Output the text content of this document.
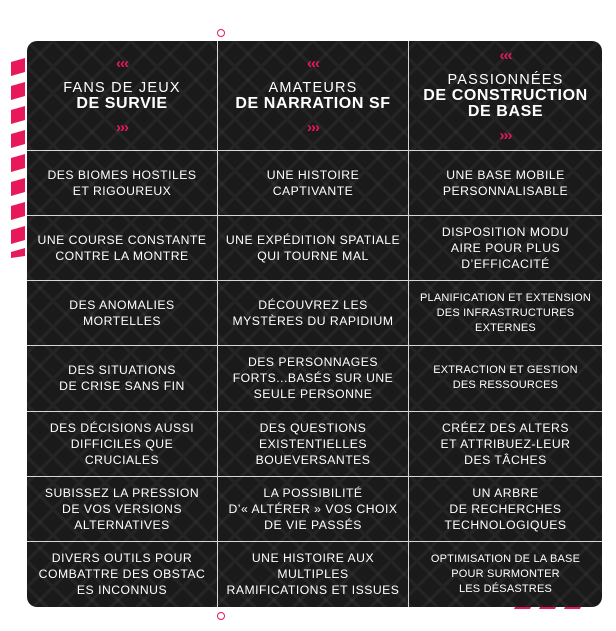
‹‹‹
FANS DE JEUX
DE SURVIE
›››
‹‹‹
AMATEURS
DE NARRATION SF
›››
‹‹‹
PASSIONNÉES
DE CONSTRUCTION
DE BASE
›››
DES BIOMES HOSTILES
ET RIGOUREUX
UNE HISTOIRE
CAPTIVANTE
UNE BASE MOBILE
PERSONNALISABLE
UNE COURSE CONSTANTE
CONTRE LA MONTRE
UNE EXPÉDITION SPATIALE
QUI TOURNE MAL
DISPOSITION MODU
AIRE POUR PLUS
D’EFFICACITÉ
DES ANOMALIES
MORTELLES
DÉCOUVREZ LES
MYSTÈRES DU RAPIDIUM
PLANIFICATION ET EXTENSION
DES INFRASTRUCTURES
EXTERNES
DES SITUATIONS
DE CRISE SANS FIN
DES PERSONNAGES
FORTS...BASÉS SUR UNE
SEULE PERSONNE
EXTRACTION ET GESTION
DES RESSOURCES
DES DÉCISIONS AUSSI
DIFFICILES QUE CRUCIALES
DES QUESTIONS
EXISTENTIELLES
BOUEVERSANTES
CRÉEZ DES ALTERS
ET ATTRIBUEZ-LEUR
DES TÂCHES
SUBISSEZ LA PRESSION
DE VOS VERSIONS
ALTERNATIVES
LA POSSIBILITÉ
D’« ALTÉRER » VOS CHOIX
DE VIE PASSÉS
UN ARBRE
DE RECHERCHES
TECHNOLOGIQUES
DIVERS OUTILS POUR
COMBATTRE DES OBSTAC
ES INCONNUS
UNE HISTOIRE AUX
MULTIPLES
RAMIFICATIONS ET ISSUES
OPTIMISATION DE LA BASE
POUR SURMONTER
LES DÉSASTRES
